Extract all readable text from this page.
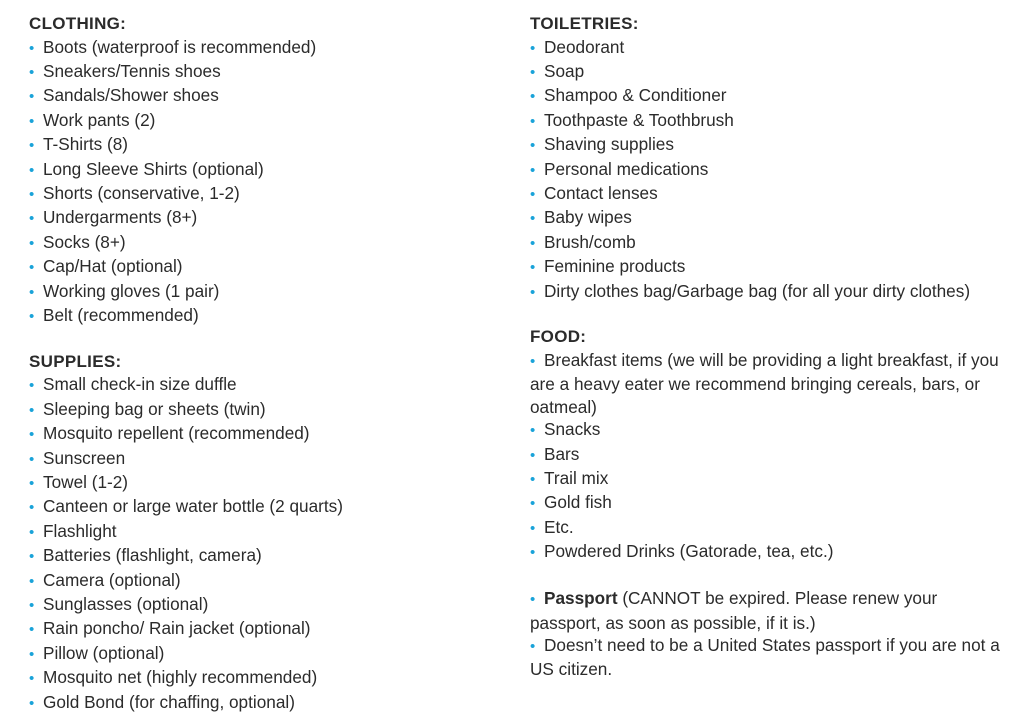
CLOTHING:
• Boots (waterproof is recommended)
• Sneakers/Tennis shoes
• Sandals/Shower shoes
• Work pants (2)
• T-Shirts (8)
• Long Sleeve Shirts (optional)
• Shorts (conservative, 1-2)
• Undergarments (8+)
• Socks (8+)
• Cap/Hat (optional)
• Working gloves (1 pair)
• Belt (recommended)
SUPPLIES:
• Small check-in size duffle
• Sleeping bag or sheets (twin)
• Mosquito repellent (recommended)
• Sunscreen
• Towel (1-2)
• Canteen or large water bottle (2 quarts)
• Flashlight
• Batteries (flashlight, camera)
• Camera (optional)
• Sunglasses (optional)
• Rain poncho/ Rain jacket (optional)
• Pillow (optional)
• Mosquito net (highly recommended)
• Gold Bond (for chaffing, optional)
TOILETRIES:
• Deodorant
• Soap
• Shampoo & Conditioner
• Toothpaste & Toothbrush
• Shaving supplies
• Personal medications
• Contact lenses
• Baby wipes
• Brush/comb
• Feminine products
• Dirty clothes bag/Garbage bag (for all your dirty clothes)
FOOD:
• Breakfast items (we will be providing a light breakfast, if you are a heavy eater we recommend bringing cereals, bars, or oatmeal)
• Snacks
• Bars
• Trail mix
• Gold fish
• Etc.
• Powdered Drinks (Gatorade, tea, etc.)

• Passport (CANNOT be expired. Please renew your passport, as soon as possible, if it is.)

• Doesn’t need to be a United States passport if you are not a US citizen.
